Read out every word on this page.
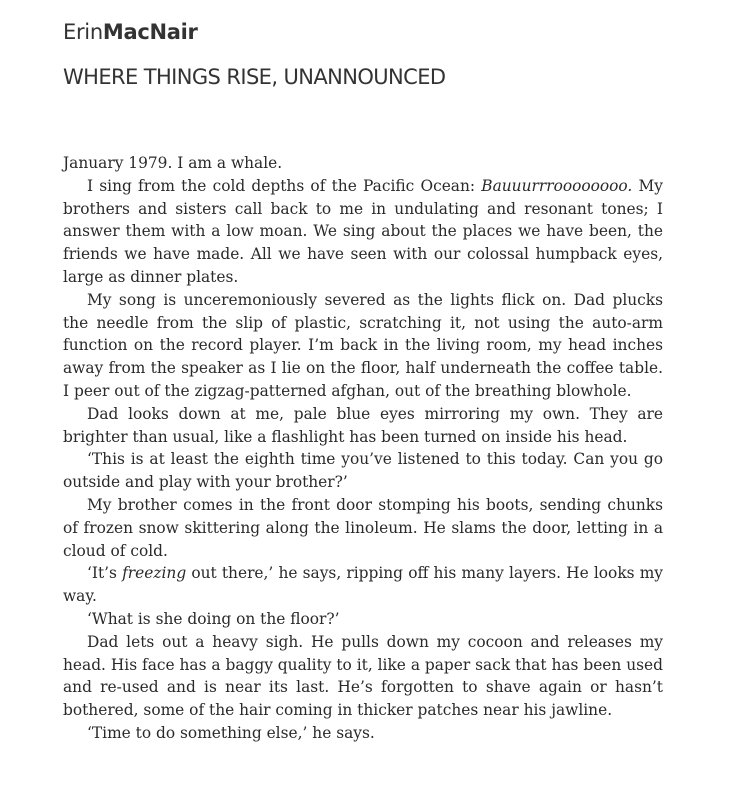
ErinMacNair
WHERE THINGS RISE, UNANNOUNCED

January 1979. I am a whale.

I sing from the cold depths of the Pacific Ocean: Bauuurrroooooooo. My brothers and sisters call back to me in undulating and resonant tones; I answer them with a low moan. We sing about the places we have been, the friends we have made. All we have seen with our colossal humpback eyes, large as dinner plates.

My song is unceremoniously severed as the lights flick on. Dad plucks the needle from the slip of plastic, scratching it, not using the auto-arm function on the record player. I’m back in the living room, my head inches away from the speaker as I lie on the floor, half underneath the coffee table. I peer out of the zigzag-patterned afghan, out of the breathing blowhole.

Dad looks down at me, pale blue eyes mirroring my own. They are brighter than usual, like a flashlight has been turned on inside his head.

‘This is at least the eighth time you’ve listened to this today. Can you go outside and play with your brother?’

My brother comes in the front door stomping his boots, sending chunks of frozen snow skittering along the linoleum. He slams the door, letting in a cloud of cold.

‘It’s freezing out there,’ he says, ripping off his many layers. He looks my way.

‘What is she doing on the floor?’

Dad lets out a heavy sigh. He pulls down my cocoon and releases my head. His face has a baggy quality to it, like a paper sack that has been used and re-used and is near its last. He’s forgotten to shave again or hasn’t bothered, some of the hair coming in thicker patches near his jawline.

‘Time to do something else,’ he says.
